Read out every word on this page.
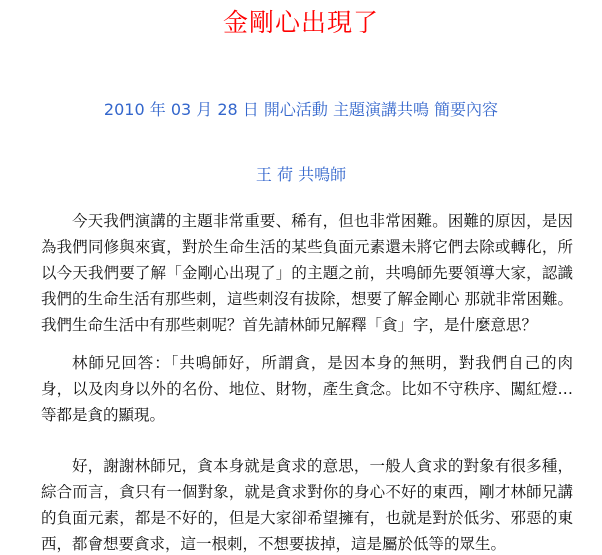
金剛心出現了
2010 年 03 月 28 日 開心活動 主題演講共鳴 簡要內容
王 荷 共鳴師

今天我們演講的主題非常重要、稀有，但也非常困難。困難的原因，是因為我們同修與來賓，對於生命生活的某些負面元素還未將它們去除或轉化，所以今天我們要了解「金剛心出現了」的主題之前，共鳴師先要領導大家，認識我們的生命生活有那些刺，這些刺沒有拔除，想要了解金剛心 那就非常困難。我們生命生活中有那些刺呢？首先請林師兄解釋「貪」字，是什麼意思？

林師兄回答：「共鳴師好，所謂貪，是因本身的無明，對我們自己的肉身，以及肉身以外的名份、地位、財物，產生貪念。比如不守秩序、闖紅燈…等都是貪的顯現。

好，謝謝林師兄，貪本身就是貪求的意思，一般人貪求的對象有很多種，綜合而言，貪只有一個對象，就是貪求對你的身心不好的東西，剛才林師兄講的負面元素，都是不好的，但是大家卻希望擁有，也就是對於低劣、邪惡的東西，都會想要貪求，這一根刺，不想要拔掉，這是屬於低等的眾生。
